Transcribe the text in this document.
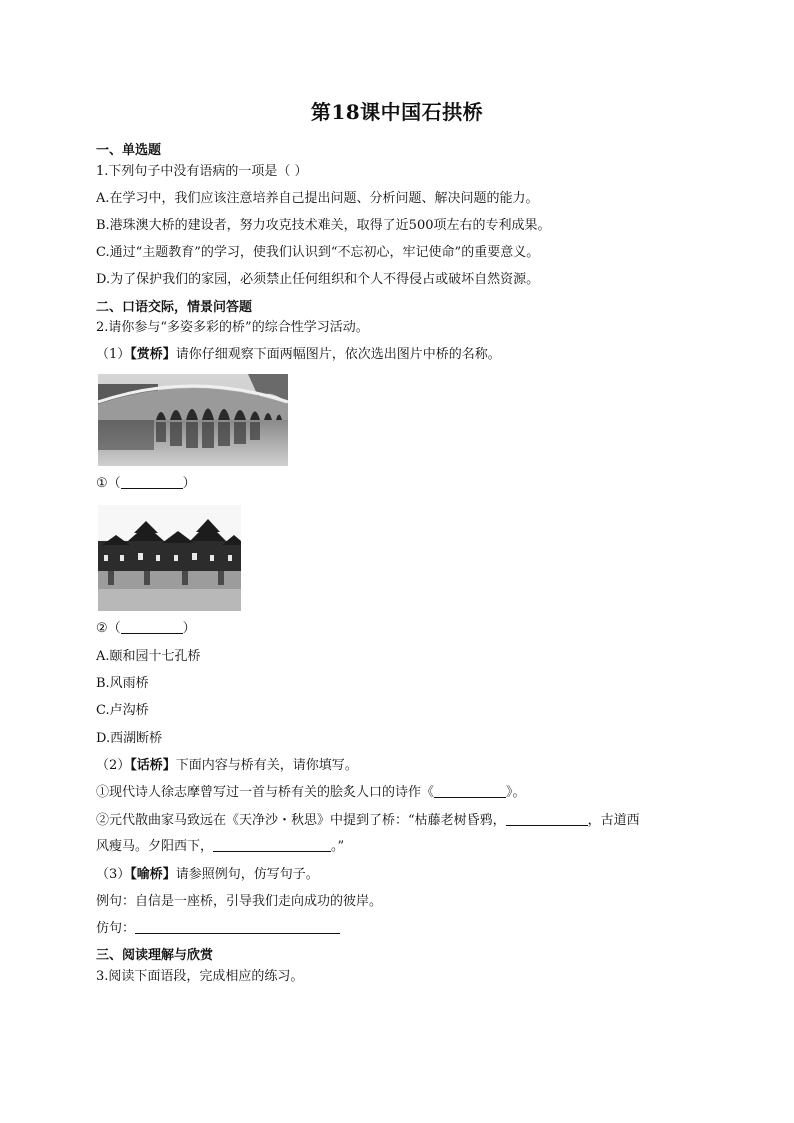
第18课中国石拱桥
一、单选题
1.下列句子中没有语病的一项是（ ）
A.在学习中，我们应该注意培养自己提出问题、分析问题、解决问题的能力。
B.港珠澳大桥的建设者，努力攻克技术难关，取得了近500项左右的专利成果。
C.通过“主题教育”的学习，使我们认识到“不忘初心，牢记使命”的重要意义。
D.为了保护我们的家园，必须禁止任何组织和个人不得侵占或破坏自然资源。
二、口语交际，情景问答题
2.请你参与“多姿多彩的桥”的综合性学习活动。
（1）【赏桥】请你仔细观察下面两幅图片，依次选出图片中桥的名称。
①（	）
②（	）
A.颐和园十七孔桥
B.风雨桥
C.卢沟桥
D.西湖断桥
（2）【话桥】下面内容与桥有关，请你填写。
①现代诗人徐志摩曾写过一首与桥有关的脍炙人口的诗作《	》。
②元代散曲家马致远在《天净沙・秋思》中提到了桥：“枯藤老树昏鸦，	，古道西
风瘦马。夕阳西下，	。”
（3）【喻桥】请参照例句，仿写句子。
例句：自信是一座桥，引导我们走向成功的彼岸。
仿句：
三、阅读理解与欣赏
3.阅读下面语段，完成相应的练习。
